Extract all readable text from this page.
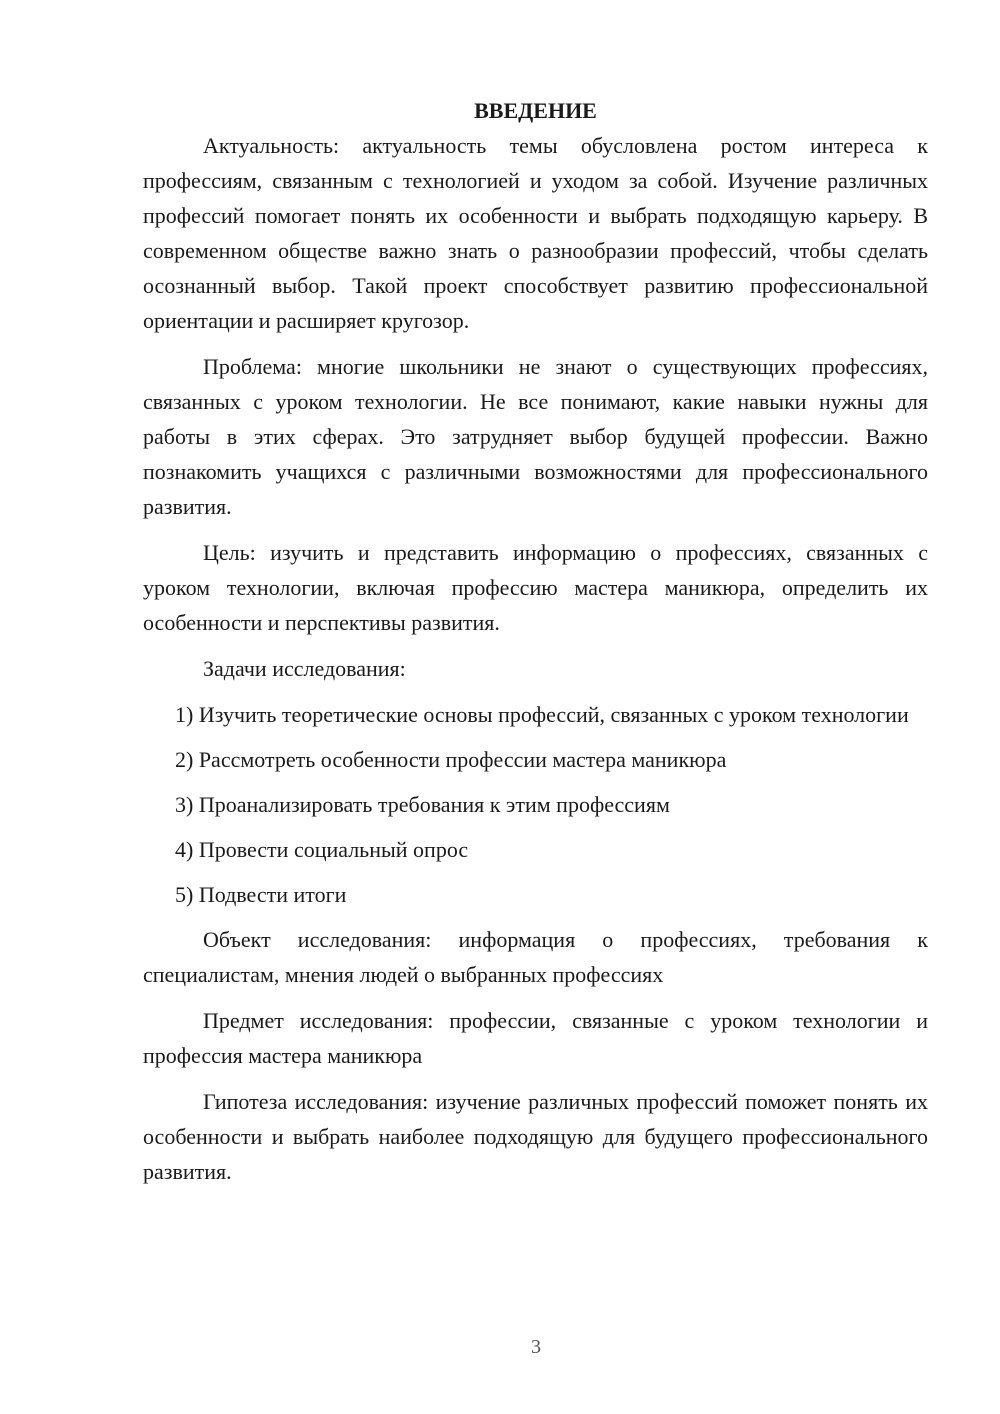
ВВЕДЕНИЕ

Актуальность: актуальность темы обусловлена ростом интереса к профессиям, связанным с технологией и уходом за собой. Изучение различных профессий помогает понять их особенности и выбрать подходящую карьеру. В современном обществе важно знать о разнообразии профессий, чтобы сделать осознанный выбор. Такой проект способствует развитию профессиональной ориентации и расширяет кругозор.

Проблема: многие школьники не знают о существующих профессиях, связанных с уроком технологии. Не все понимают, какие навыки нужны для работы в этих сферах. Это затрудняет выбор будущей профессии. Важно познакомить учащихся с различными возможностями для профессионального развития.

Цель: изучить и представить информацию о профессиях, связанных с уроком технологии, включая профессию мастера маникюра, определить их особенности и перспективы развития.

Задачи исследования:

1) Изучить теоретические основы профессий, связанных с уроком технологии

2) Рассмотреть особенности профессии мастера маникюра

3) Проанализировать требования к этим профессиям

4) Провести социальный опрос

5) Подвести итоги

Объект исследования: информация о профессиях, требования к специалистам, мнения людей о выбранных профессиях

Предмет исследования: профессии, связанные с уроком технологии и профессия мастера маникюра

Гипотеза исследования: изучение различных профессий поможет понять их особенности и выбрать наиболее подходящую для будущего профессионального развития.

3
